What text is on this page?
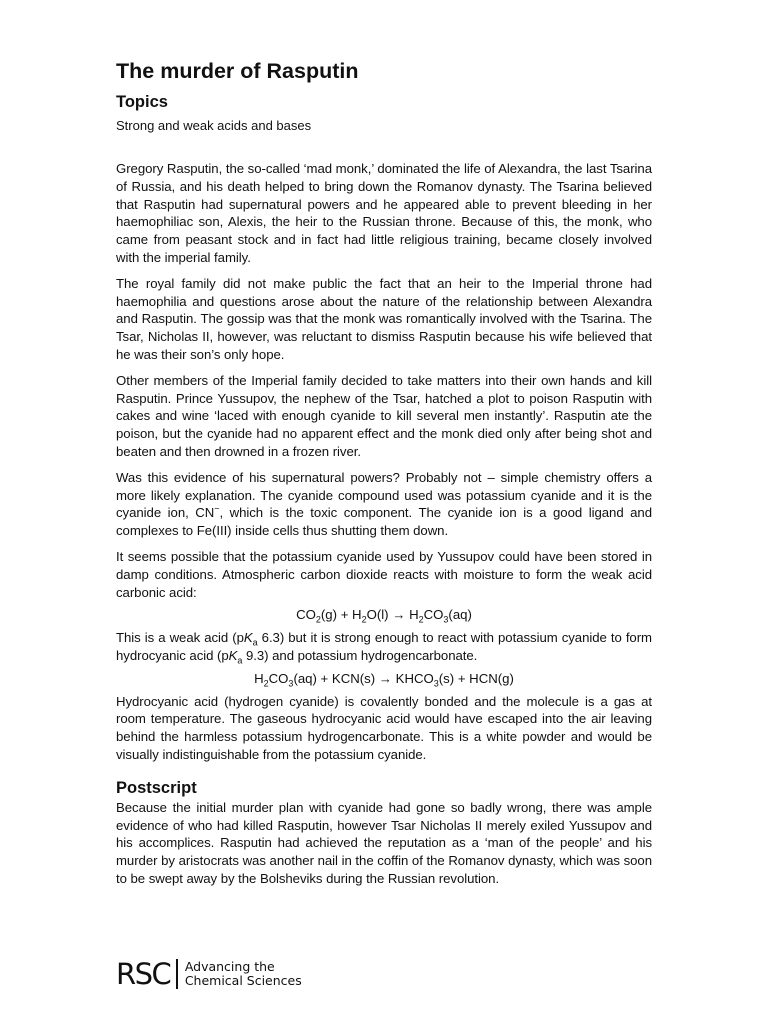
The murder of Rasputin
Topics

Strong and weak acids and bases

Gregory Rasputin, the so-called ‘mad monk,’ dominated the life of Alexandra, the last Tsarina of Russia, and his death helped to bring down the Romanov dynasty. The Tsarina believed that Rasputin had supernatural powers and he appeared able to prevent bleeding in her haemophiliac son, Alexis, the heir to the Russian throne. Because of this, the monk, who came from peasant stock and in fact had little religious training, became closely involved with the imperial family.

The royal family did not make public the fact that an heir to the Imperial throne had haemophilia and questions arose about the nature of the relationship between Alexandra and Rasputin. The gossip was that the monk was romantically involved with the Tsarina. The Tsar, Nicholas II, however, was reluctant to dismiss Rasputin because his wife believed that he was their son’s only hope.

Other members of the Imperial family decided to take matters into their own hands and kill Rasputin. Prince Yussupov, the nephew of the Tsar, hatched a plot to poison Rasputin with cakes and wine ‘laced with enough cyanide to kill several men instantly’. Rasputin ate the poison, but the cyanide had no apparent effect and the monk died only after being shot and beaten and then drowned in a frozen river.

Was this evidence of his supernatural powers? Probably not – simple chemistry offers a more likely explanation. The cyanide compound used was potassium cyanide and it is the cyanide ion, CN−, which is the toxic component. The cyanide ion is a good ligand and complexes to Fe(III) inside cells thus shutting them down.

It seems possible that the potassium cyanide used by Yussupov could have been stored in damp conditions. Atmospheric carbon dioxide reacts with moisture to form the weak acid carbonic acid:

$CO_2(g) + H_2O(l) \to H_2CO_3(aq)$

This is a weak acid ($pK_a$ 6.3) but it is strong enough to react with potassium cyanide to form hydrocyanic acid ($pK_a$ 9.3) and potassium hydrogencarbonate.

$H_2CO_3(aq) + KCN(s)$ → $KHCO_3(s) + HCN(g)$

Hydrocyanic acid (hydrogen cyanide) is covalently bonded and the molecule is a gas at room temperature. The gaseous hydrocyanic acid would have escaped into the air leaving behind the harmless potassium hydrogencarbonate. This is a white powder and would be visually indistinguishable from the potassium cyanide.

Postscript

Because the initial murder plan with cyanide had gone so badly wrong, there was ample evidence of who had killed Rasputin, however Tsar Nicholas II merely exiled Yussupov and his accomplices. Rasputin had achieved the reputation as a ‘man of the people’ and his murder by aristocrats was another nail in the coffin of the Romanov dynasty, which was soon to be swept away by the Bolsheviks during the Russian revolution.

RSC Advancing the
Chemical Sciences
